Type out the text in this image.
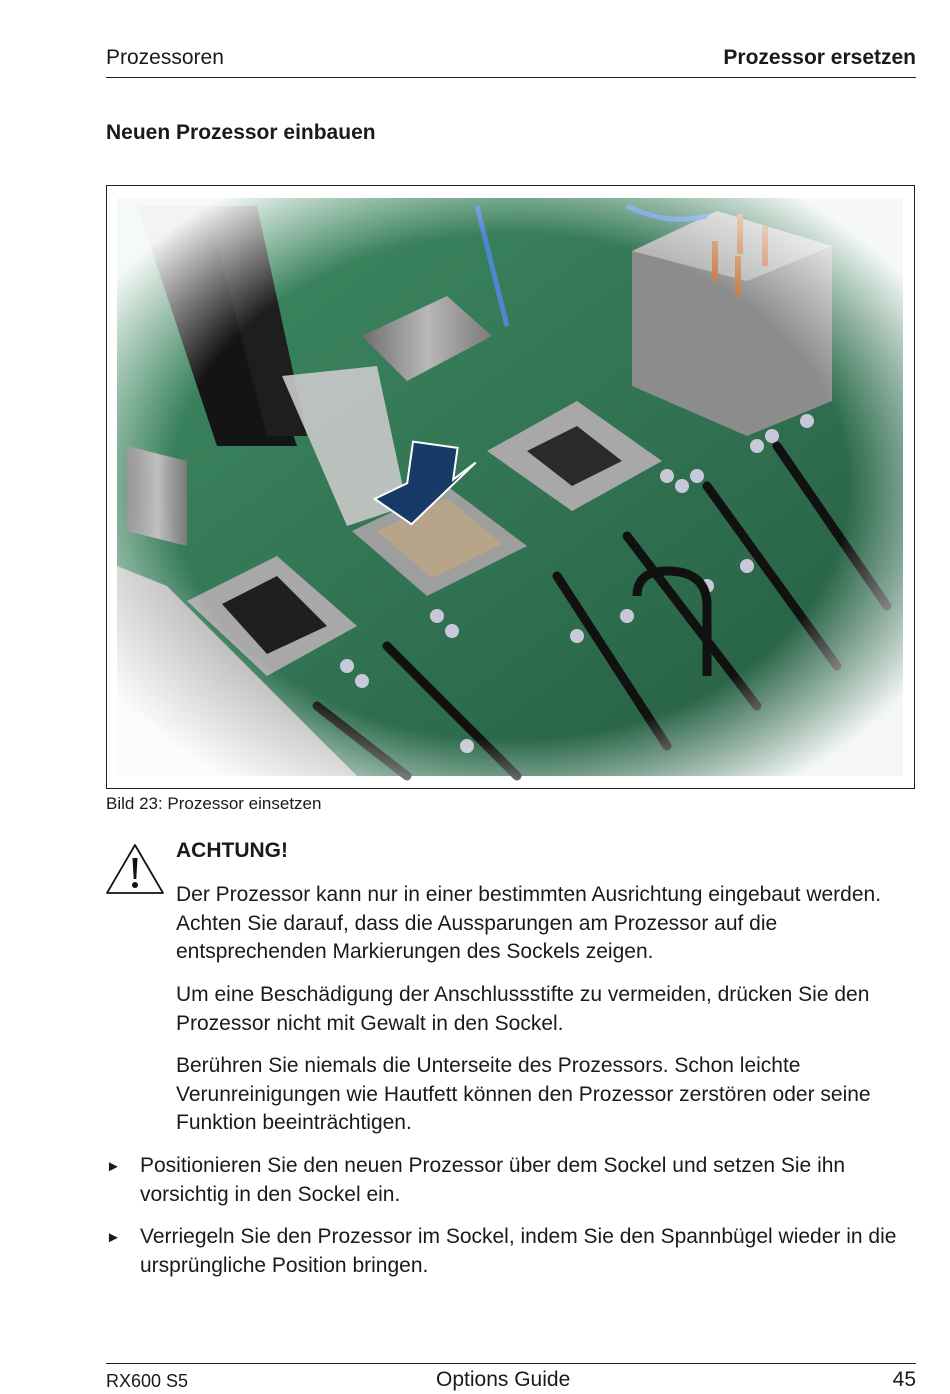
Prozessoren	Prozessor ersetzen
Neuen Prozessor einbauen
Bild 23: Prozessor einsetzen
ACHTUNG!

Der Prozessor kann nur in einer bestimmten Ausrichtung eingebaut werden. Achten Sie darauf, dass die Aussparungen am Prozessor auf die entsprechenden Markierungen des Sockels zeigen.

Um eine Beschädigung der Anschlussstifte zu vermeiden, drücken Sie den Prozessor nicht mit Gewalt in den Sockel.

Berühren Sie niemals die Unterseite des Prozessors. Schon leichte Verunreinigungen wie Hautfett können den Prozessor zerstören oder seine Funktion beeinträchtigen.

► Positionieren Sie den neuen Prozessor über dem Sockel und setzen Sie ihn vorsichtig in den Sockel ein.
► Verriegeln Sie den Prozessor im Sockel, indem Sie den Spannbügel wieder in die ursprüngliche Position bringen.
RX600 S5	Options Guide	45
